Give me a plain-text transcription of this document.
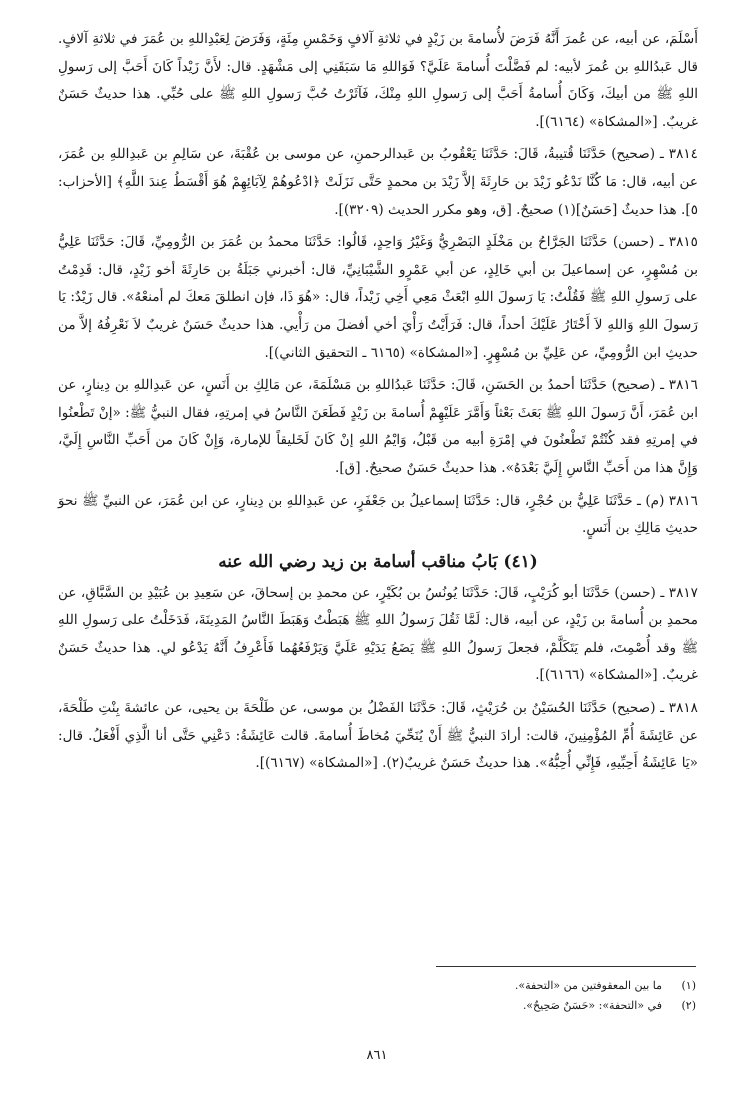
أَسْلَمَ، عن أبيه، عن عُمرَ أَنَّهُ فَرَضَ لأُسامةَ بن زَيْدٍ في ثلاثةِ آلافٍ وَخَمْسِ مِئَةٍ، وَفَرَضَ لِعَبْدِاللهِ بن عُمَرَ في ثلاثةِ آلافٍ. قال عَبدُاللهِ بن عُمرَ لأبيه: لم فَضَّلْتَ أُسامةَ عَلَيَّ؟ فَوَاللهِ مَا سَبَقَنِي إلى مَشْهَدٍ. قال: لأَنَّ زَيْداً كَانَ أَحَبَّ إلى رَسولِ اللهِ ﷺ من أبيكَ، وَكَانَ أُسامةُ أَحَبَّ إلى رَسولِ اللهِ مِنْكَ، فَآثَرْتُ حُبَّ رَسولِ اللهِ ﷺ على حُبِّي. هذا حديثٌ حَسَنٌ غريبٌ. [«المشكاة» (٦١٦٤)].

٣٨١٤ ـ (صحيح) حَدَّثَنَا قُتيبةُ، قَالَ: حَدَّثَنَا يَعْقُوبُ بن عَبدالرحمنِ، عن موسى بن عُقْبَةَ، عن سَالِمِ بن عَبدِاللهِ بن عُمَرَ، عن أبيه، قال: مَا كُنَّا نَدْعُو زَيْدَ بن حَارِثَةَ إلاَّ زَيْدَ بن محمدٍ حَتَّى نَزَلَتْ ﴿ادْعُوهُمْ لِآبَائِهِمْ هُوَ أَقْسَطُ عِندَ اللَّهِ﴾ [الأحزاب: ٥]. هذا حديثٌ [حَسَنٌ](١) صحيحٌ. [ق، وهو مكرر الحديث (٣٢٠٩)].

٣٨١٥ ـ (حسن) حَدَّثَنَا الجَرَّاحُ بن مَخْلَدٍ البَصْرِيُّ وَغَيْرُ وَاحِدٍ، قَالُوا: حَدَّثَنَا محمدُ بن عُمَرَ بن الرُّومِيِّ، قَالَ: حَدَّثَنَا عَلِيُّ بن مُسْهِرٍ، عن إسماعيلَ بن أبي خَالِدٍ، عن أبي عَمْرٍو الشَّيْبَانِيِّ، قال: أخبرني جَبَلَةُ بن حَارِثَةَ أخو زَيْدٍ، قال: قَدِمْتُ على رَسولِ اللهِ ﷺ فَقُلْتُ: يَا رَسولَ اللهِ ابْعَثْ مَعِي أَخِي زَيْداً، قال: «هُوَ ذَا، فإن انطلقَ مَعكَ لم أمنعْهُ». قال زَيْدٌ: يَا رَسولَ اللهِ وَاللهِ لاَ أَخْتَارُ عَلَيْكَ أحداً، قال: فَرَأَيْتُ رَأْيَ أخي أفضلَ من رَأْيي. هذا حديثٌ حَسَنٌ غريبٌ لاَ نَعْرِفُهُ إلاَّ من حديثِ ابن الرُّومِيِّ، عن عَلِيِّ بن مُسْهِرٍ. [«المشكاة» (٦١٦٥ ـ التحقيق الثاني)].

٣٨١٦ ـ (صحيح) حَدَّثَنَا أحمدُ بن الحَسَنِ، قَالَ: حَدَّثَنَا عَبدُاللهِ بن مَسْلَمَةَ، عن مَالِكِ بن أَنَسٍ، عن عَبدِاللهِ بن دِينارٍ، عن ابن عُمَرَ، أَنَّ رَسولَ اللهِ ﷺ بَعَثَ بَعْثاً وَأَمَّرَ عَلَيْهِمْ أُسامةَ بن زَيْدٍ فَطَعَنَ النَّاسُ في إمرتِهِ، فقال النبيُّ ﷺ: «إنْ تَطْعنُوا في إمرتِهِ فقد كُنْتُمْ تَطْعنُونَ في إمْرَةِ أبيه من قَبْلُ، وَايْمُ اللهِ إنْ كَانَ لَخَليقاً للإمارة، وَإِنْ كَانَ من أَحَبِّ النَّاسِ إِلَيَّ، وَإِنَّ هذا من أَحَبِّ النَّاسِ إِلَيَّ بَعْدَهُ». هذا حديثٌ حَسَنٌ صحيحٌ. [ق].

٣٨١٦ (م) ـ حَدَّثَنَا عَلِيُّ بن حُجْرٍ، قال: حَدَّثَنَا إسماعيلُ بن جَعْفَرٍ، عن عَبدِاللهِ بن دِينارٍ، عن ابن عُمَرَ، عن النبيِّ ﷺ نحوَ حديثِ مَالِكِ بن أَنَسٍ.

(٤١) بَابُ مناقب أسامة بن زيد رضي الله عنه

٣٨١٧ ـ (حسن) حَدَّثَنَا أبو كُرَيْبٍ، قَالَ: حَدَّثَنَا يُونُسُ بن بُكَيْرٍ، عن محمدِ بن إسحاقَ، عن سَعِيدِ بن عُبَيْدِ بن السَّبَّاقِ، عن محمدِ بن أُسامةَ بن زَيْدٍ، عن أبيه، قال: لَمَّا ثَقُلَ رَسولُ اللهِ ﷺ هَبَطْتُ وَهَبَطَ النَّاسُ المَدِينَةَ، فَدَخَلْتُ على رَسولِ اللهِ ﷺ وقد أُصْمِتَ، فلم يَتَكَلَّمْ، فجعلَ رَسولُ اللهِ ﷺ يَضَعُ يَدَيْهِ عَلَيَّ وَيَرْفَعُهُما فَأَعْرِفُ أَنَّهُ يَدْعُو لي. هذا حديثٌ حَسَنٌ غريبٌ. [«المشكاة» (٦١٦٦)].

٣٨١٨ ـ (صحيح) حَدَّثَنَا الحُسَيْنُ بن حُرَيْثٍ، قَالَ: حَدَّثَنَا الفَضْلُ بن موسى، عن طَلْحَةَ بن يحيى، عن عائشةَ بِنْتِ طَلْحَةَ، عن عَائِشَةَ أُمِّ المُؤْمِنِينَ، قالت: أرادَ النبيُّ ﷺ أَنْ يُنَحِّيَ مُخاطَ أُسامةَ. قالت عَائِشَةُ: دَعْنِي حَتَّى أنا الَّذِي أَفْعَلُ. قال: «يَا عَائِشَةُ أَحِبِّيهِ، فَإِنِّي أُحِبُّهُ». هذا حديثٌ حَسَنٌ غريبٌ(٢). [«المشكاة» (٦١٦٧)].

(١)
ما بين المعقوفتين من «التحفة».
(٢)
في «التحفة»: «حَسَنٌ صَحِيحٌ».
٨٦١
